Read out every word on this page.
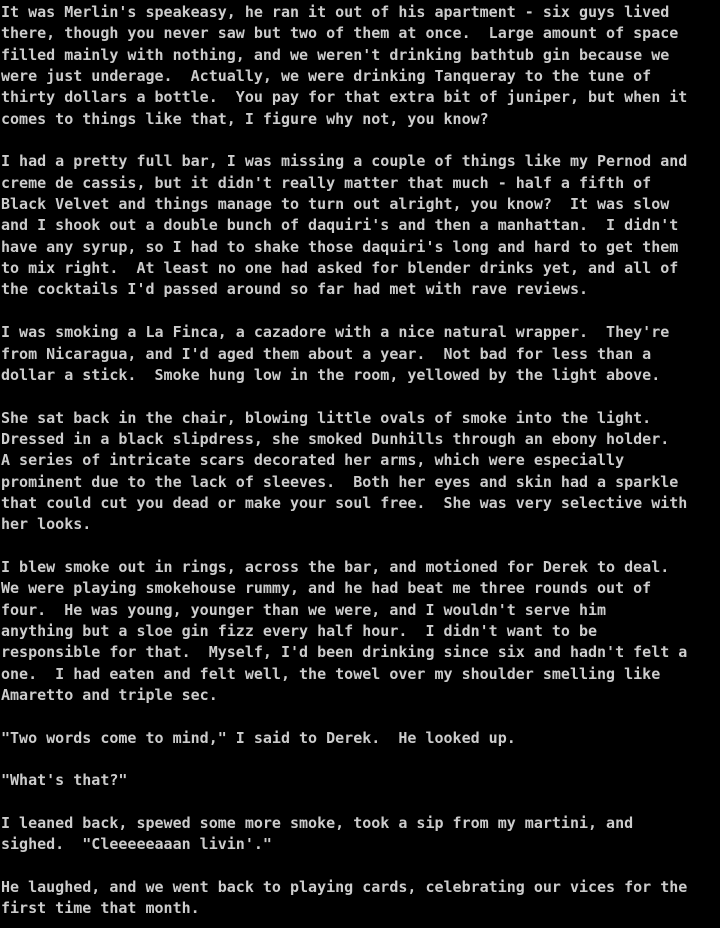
It was Merlin's speakeasy, he ran it out of his apartment - six guys lived
there, though you never saw but two of them at once.  Large amount of space
filled mainly with nothing, and we weren't drinking bathtub gin because we
were just underage.  Actually, we were drinking Tanqueray to the tune of
thirty dollars a bottle.  You pay for that extra bit of juniper, but when it
comes to things like that, I figure why not, you know?

I had a pretty full bar, I was missing a couple of things like my Pernod and
creme de cassis, but it didn't really matter that much - half a fifth of
Black Velvet and things manage to turn out alright, you know?  It was slow
and I shook out a double bunch of daquiri's and then a manhattan.  I didn't
have any syrup, so I had to shake those daquiri's long and hard to get them
to mix right.  At least no one had asked for blender drinks yet, and all of
the cocktails I'd passed around so far had met with rave reviews.

I was smoking a La Finca, a cazadore with a nice natural wrapper.  They're
from Nicaragua, and I'd aged them about a year.  Not bad for less than a
dollar a stick.  Smoke hung low in the room, yellowed by the light above.

She sat back in the chair, blowing little ovals of smoke into the light.
Dressed in a black slipdress, she smoked Dunhills through an ebony holder.
A series of intricate scars decorated her arms, which were especially
prominent due to the lack of sleeves.  Both her eyes and skin had a sparkle
that could cut you dead or make your soul free.  She was very selective with
her looks.

I blew smoke out in rings, across the bar, and motioned for Derek to deal.
We were playing smokehouse rummy, and he had beat me three rounds out of
four.  He was young, younger than we were, and I wouldn't serve him
anything but a sloe gin fizz every half hour.  I didn't want to be
responsible for that.  Myself, I'd been drinking since six and hadn't felt a
one.  I had eaten and felt well, the towel over my shoulder smelling like
Amaretto and triple sec.

"Two words come to mind," I said to Derek.  He looked up.

"What's that?"

I leaned back, spewed some more smoke, took a sip from my martini, and
sighed.  "Cleeeeeaaan livin'."

He laughed, and we went back to playing cards, celebrating our vices for the
first time that month.
